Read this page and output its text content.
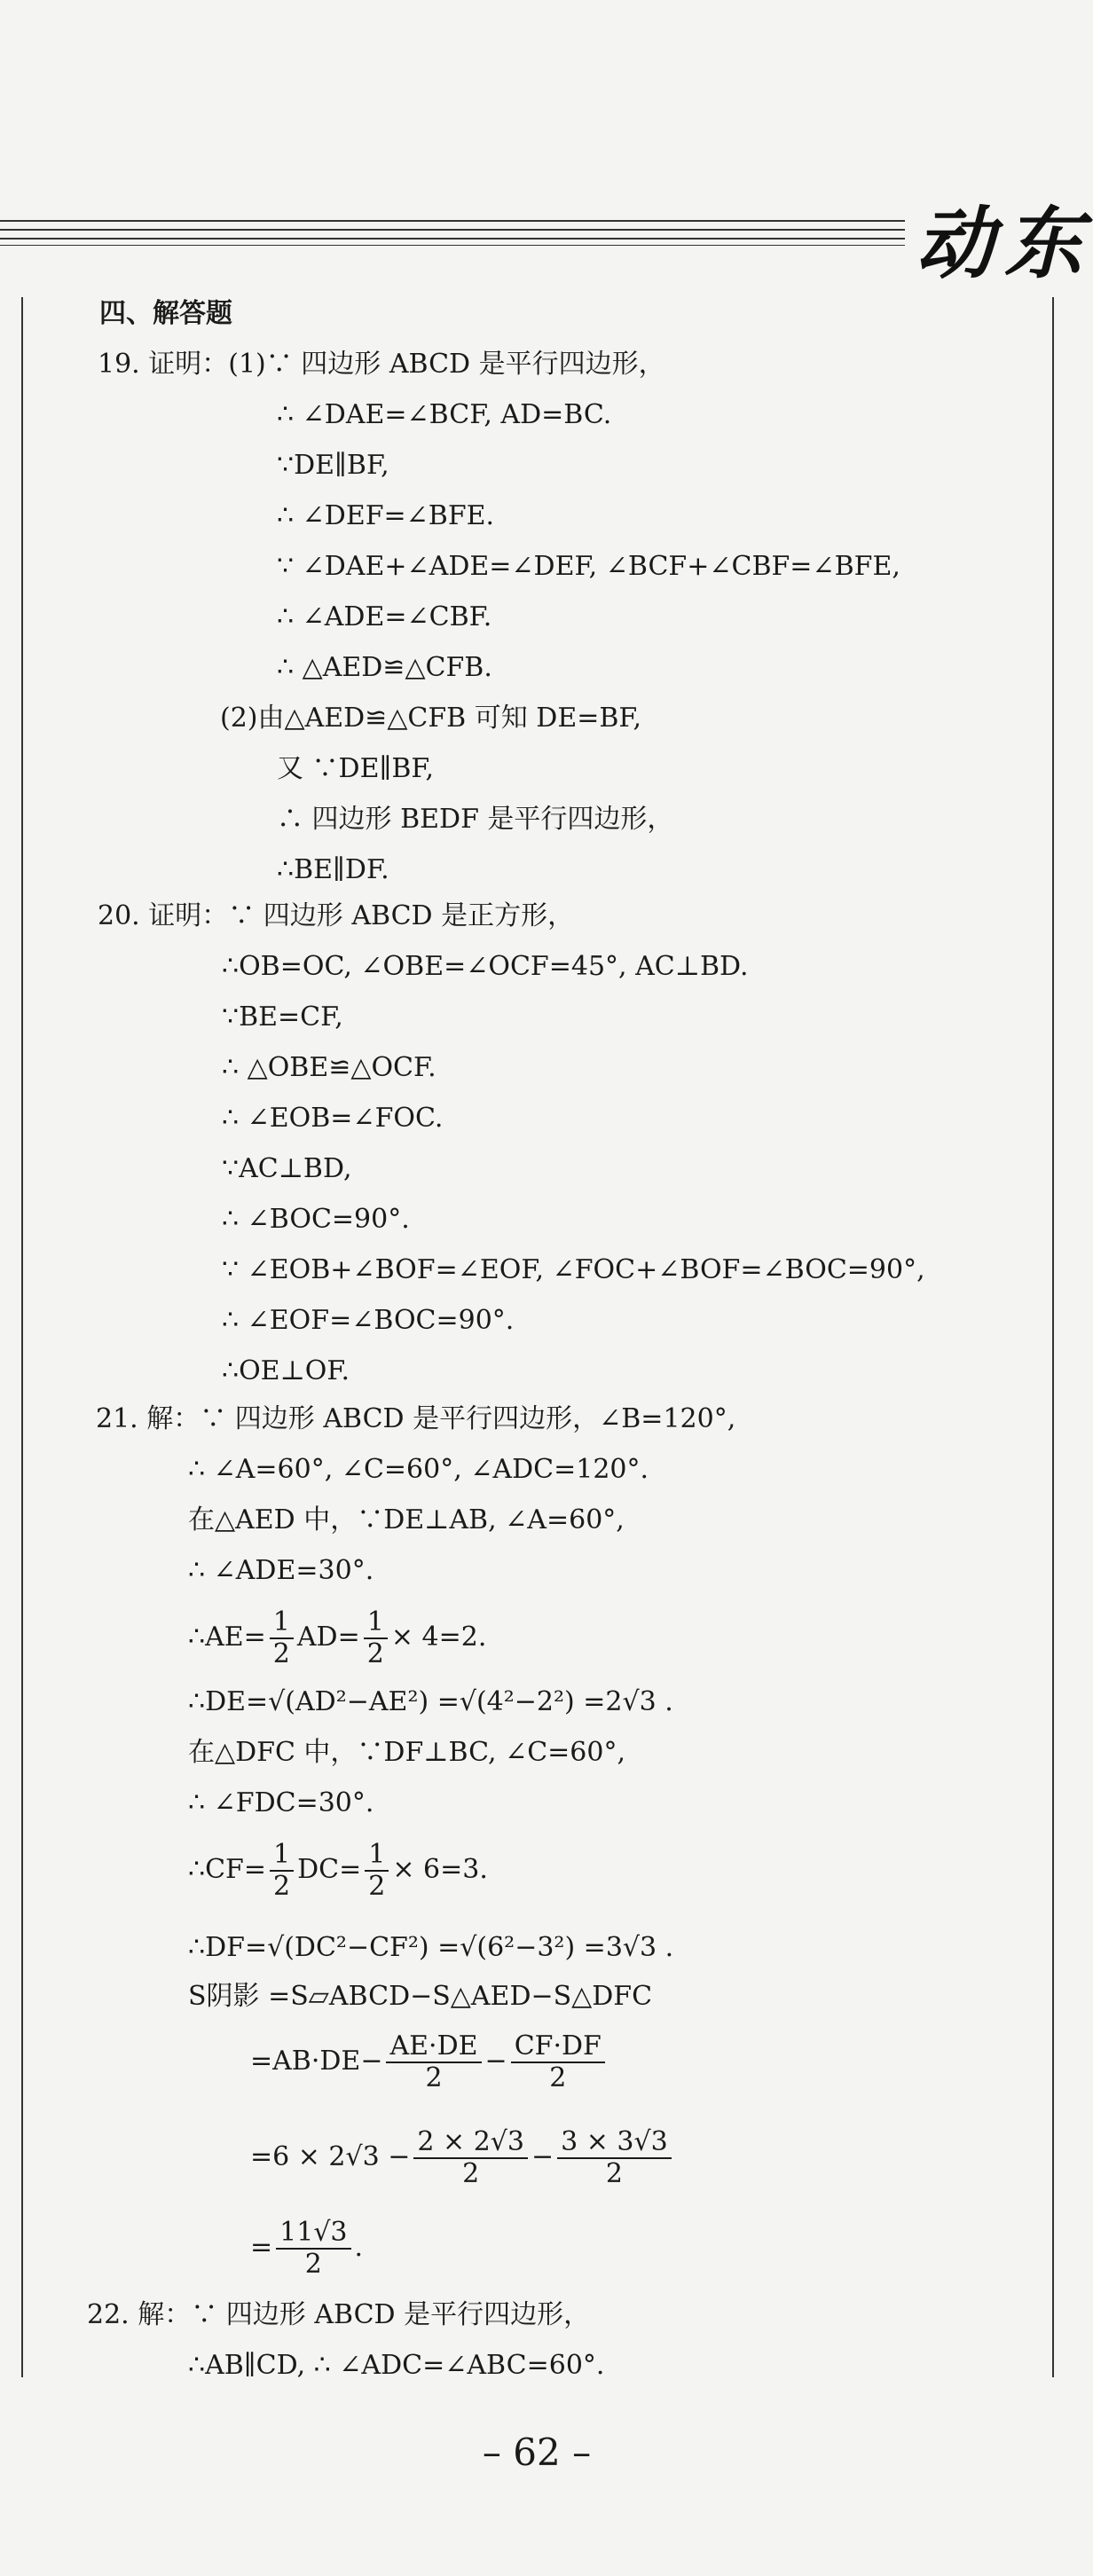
动东
四、解答题
19. 证明：(1)∵ 四边形 ABCD 是平行四边形，
∴ ∠DAE=∠BCF, AD=BC.
∵DE∥BF,
∴ ∠DEF=∠BFE.
∵ ∠DAE+∠ADE=∠DEF, ∠BCF+∠CBF=∠BFE,
∴ ∠ADE=∠CBF.
∴ △AED≌△CFB.
(2)由△AED≌△CFB 可知 DE=BF,
又 ∵DE∥BF,
∴ 四边形 BEDF 是平行四边形，
∴BE∥DF.
20. 证明：∵ 四边形 ABCD 是正方形，
∴OB=OC, ∠OBE=∠OCF=45°, AC⊥BD.
∵BE=CF,
∴ △OBE≌△OCF.
∴ ∠EOB=∠FOC.
∵AC⊥BD,
∴ ∠BOC=90°.
∵ ∠EOB+∠BOF=∠EOF, ∠FOC+∠BOF=∠BOC=90°,
∴ ∠EOF=∠BOC=90°.
∴OE⊥OF.
21. 解：∵ 四边形 ABCD 是平行四边形，∠B=120°,
∴ ∠A=60°, ∠C=60°, ∠ADC=120°.
在△AED 中，∵DE⊥AB, ∠A=60°,
∴ ∠ADE=30°.
∴AE= $\frac{1}{2} AD= \frac{1}{2} \times 4=2$.
∴DE=√(AD²−AE²) =√(4²−2²) =2√3 .
在△DFC 中，∵DF⊥BC, ∠C=60°,
∴ ∠FDC=30°.
∴CF= $\frac{1}{2} DC= \frac{1}{2} \times 6=3$.
∴DF=√(DC²−CF²) =√(6²−3²) =3√3 .
S阴影 =S▱ABCD−S△AED−S△DFC
$=AB\cdot DE- \frac{AE\cdot DE}{2} - \frac{CF\cdot DF}{2}$
$=6 \times 2√3 - \frac{2 \times 2√3}{2} - \frac{3 \times 3√3}{2}$
= $\frac{11√3}{2}$ .
22. 解：∵ 四边形 ABCD 是平行四边形，
∴AB∥CD, ∴ ∠ADC=∠ABC=60°.
– 62 –
